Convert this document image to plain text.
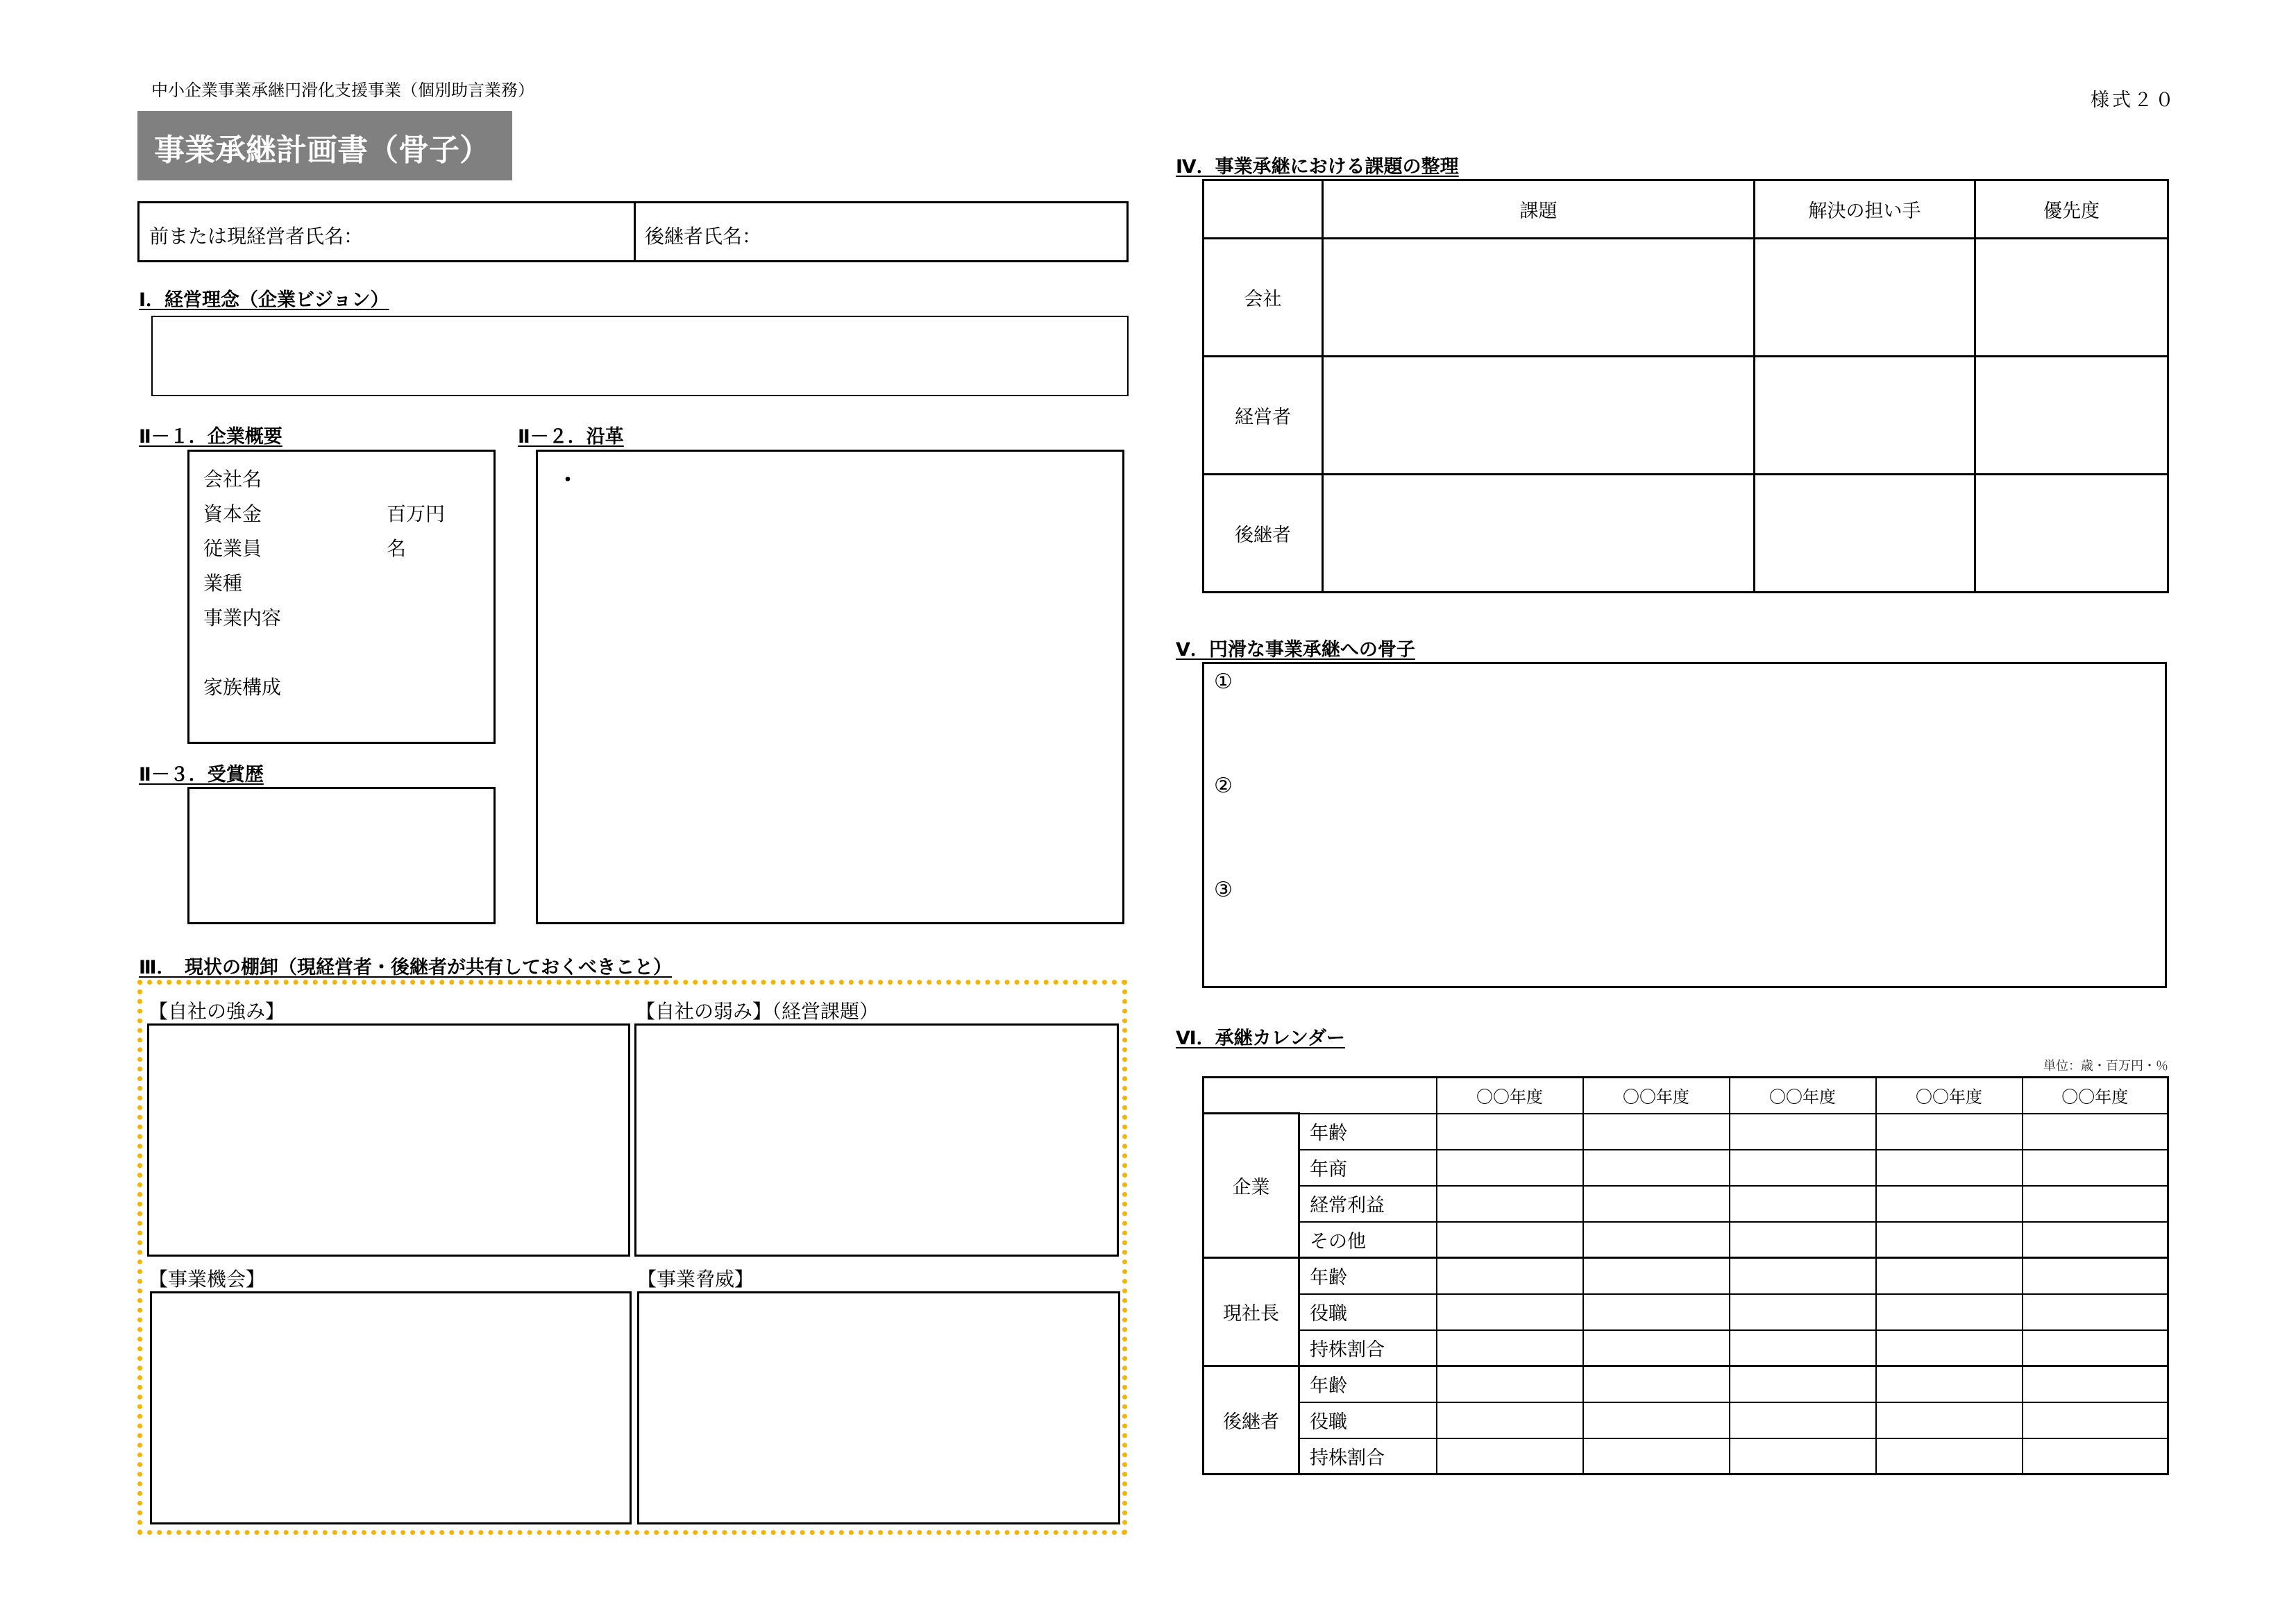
中小企業事業承継円滑化支援事業（個別助言業務）	様式２０
事業承継計画書（骨子）
前または現経営者氏名：	後継者氏名：
Ⅰ．経営理念（企業ビジョン）
Ⅱ－１．企業概要
会社名
資本金	百万円
従業員	名
業種
事業内容
家族構成
Ⅱ－２．沿革
・
Ⅱ－３．受賞歴
Ⅲ．　現状の棚卸（現経営者・後継者が共有しておくべきこと）
【自社の強み】	【自社の弱み】（経営課題）
【事業機会】	【事業脅威】
Ⅳ．事業承継における課題の整理
	課題	解決の担い手	優先度
会社			
経営者			
後継者			
Ⅴ．円滑な事業承継への骨子
①
②
③
Ⅵ．承継カレンダー
単位：歳・百万円・％
		〇〇年度	〇〇年度	〇〇年度	〇〇年度	〇〇年度
企業	年齢					
	年商					
	経常利益					
	その他					
現社長	年齢					
	役職					
	持株割合					
後継者	年齢					
	役職					
	持株割合					
